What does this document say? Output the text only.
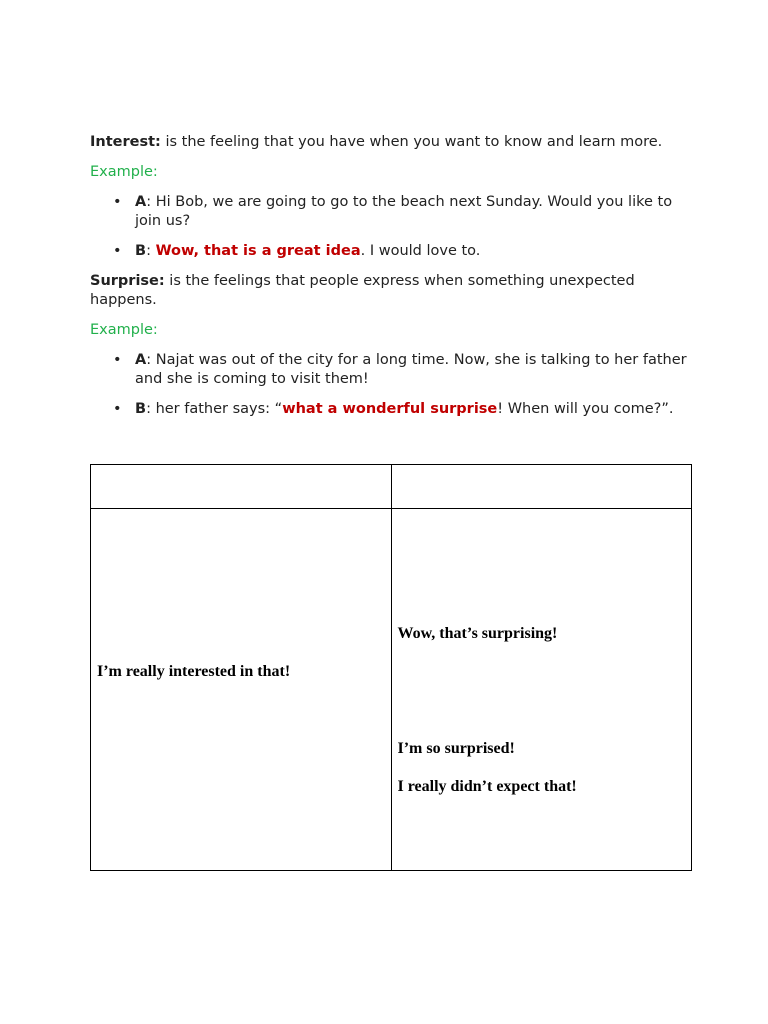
Interest: is the feeling that you have when you want to know and learn more.

Example:

• A: Hi Bob, we are going to go to the beach next Sunday. Would you like to join us?
• B: Wow, that is a great idea. I would love to.

Surprise: is the feelings that people express when something unexpected happens.

Example:

• A: Najat was out of the city for a long time. Now, she is talking to her father and she is coming to visit them!
• B: her father says: “what a wonderful surprise! When will you come?”.

I’m really interested in that!	Wow, that’s surprising!
I’m so surprised!
I really didn’t expect that!
